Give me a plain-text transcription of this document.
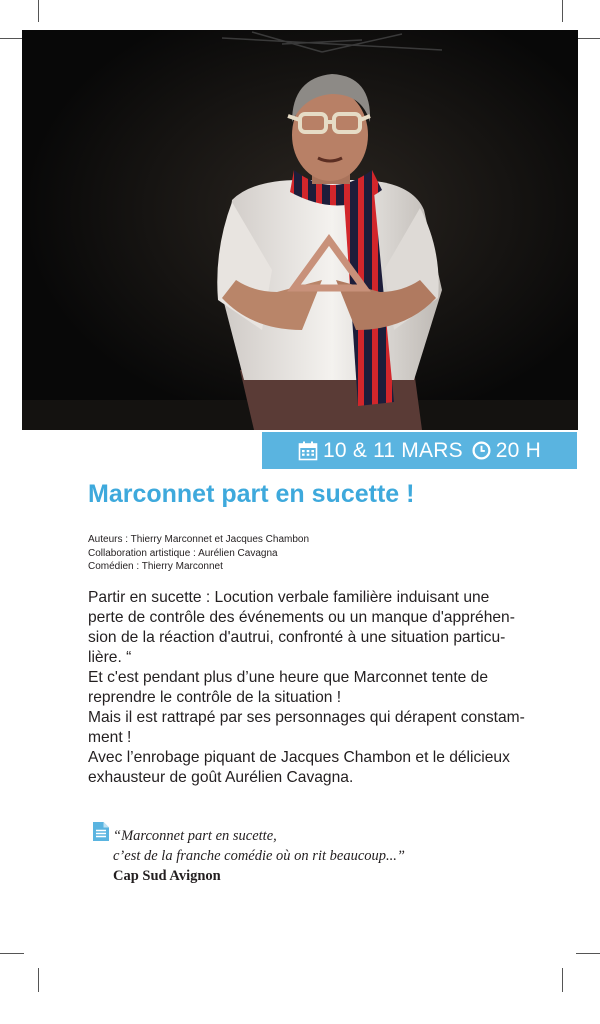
10 & 11 MARS 20 H
Marconnet part en sucette !
Auteurs : Thierry Marconnet et Jacques Chambon
Collaboration artistique : Aurélien Cavagna
Comédien : Thierry Marconnet
Partir en sucette : Locution verbale familière induisant une
perte de contrôle des événements ou un manque d'appréhen-
sion de la réaction d'autrui, confronté à une situation particu-
lière. “
Et c'est pendant plus d’une heure que Marconnet tente de
reprendre le contrôle de la situation !
Mais il est rattrapé par ses personnages qui dérapent constam-
ment !
Avec l’enrobage piquant de Jacques Chambon et le délicieux
exhausteur de goût Aurélien Cavagna.
“Marconnet part en sucette,
c’est de la franche comédie où on rit beaucoup...”
Cap Sud Avignon
